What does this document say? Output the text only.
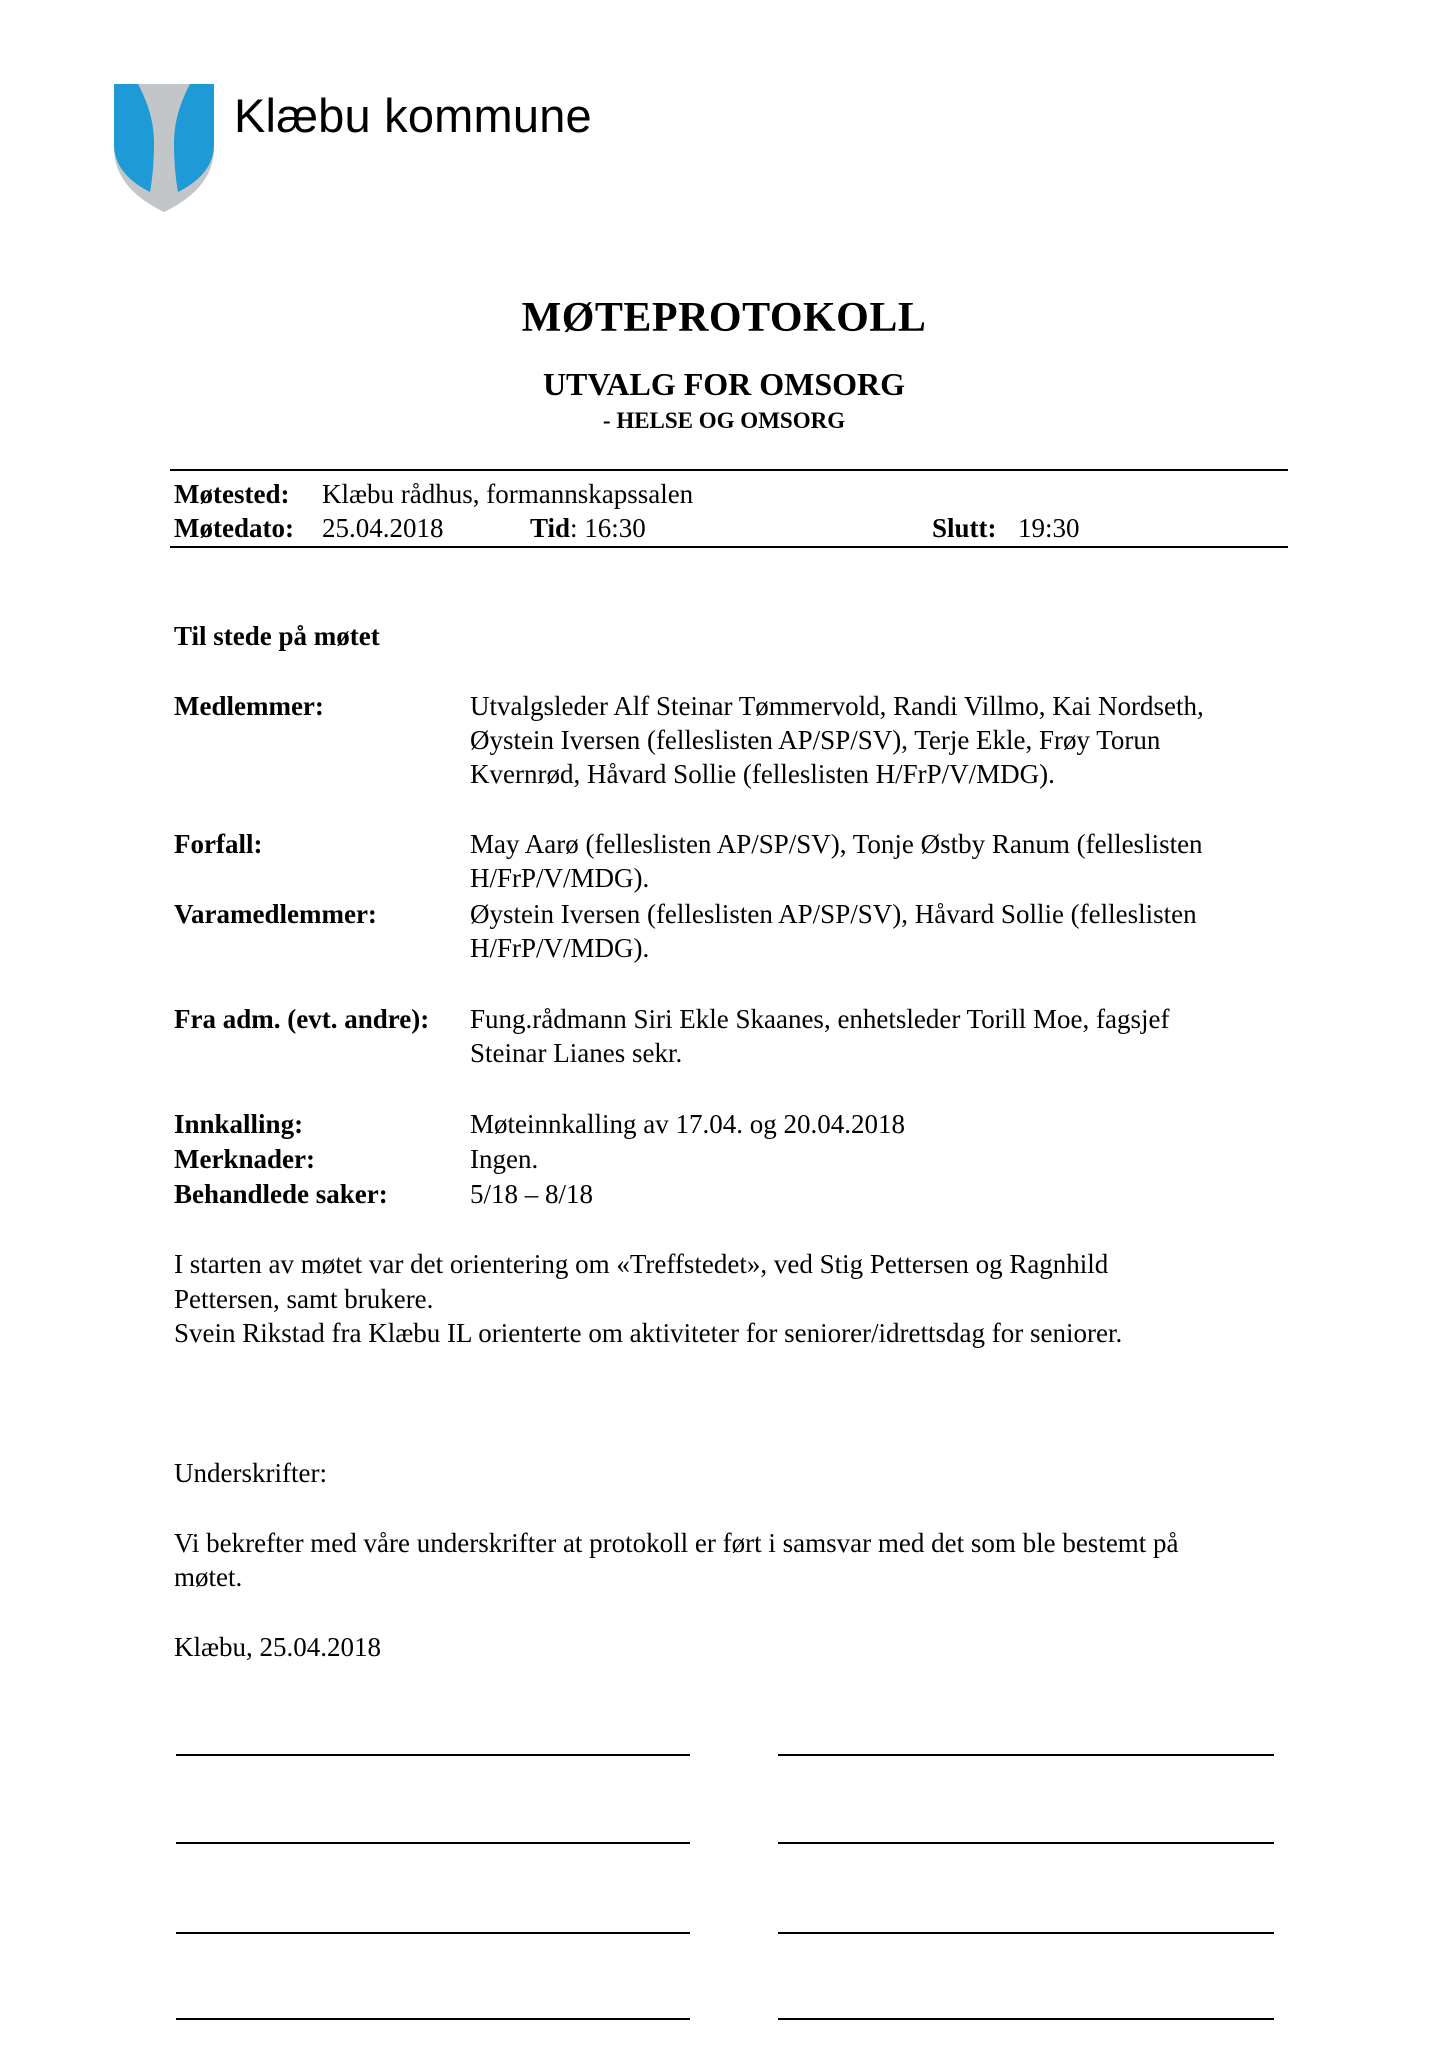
Klæbu kommune
MØTEPROTOKOLL
UTVALG FOR OMSORG
- HELSE OG OMSORG
Møtested: Klæbu rådhus, formannskapssalen
Møtedato: 25.04.2018	Tid: 16:30	Slutt: 19:30
Til stede på møtet
Medlemmer:	Utvalgsleder Alf Steinar Tømmervold, Randi Villmo, Kai Nordseth,
Øystein Iversen (felleslisten AP/SP/SV), Terje Ekle, Frøy Torun
Kvernrød, Håvard Sollie (felleslisten H/FrP/V/MDG).
Forfall:	May Aarø (felleslisten AP/SP/SV), Tonje Østby Ranum (felleslisten
H/FrP/V/MDG).
Varamedlemmer:	Øystein Iversen (felleslisten AP/SP/SV), Håvard Sollie (felleslisten
H/FrP/V/MDG).
Fra adm. (evt. andre): Fung.rådmann Siri Ekle Skaanes, enhetsleder Torill Moe, fagsjef
Steinar Lianes sekr.
Innkalling:	Møteinnkalling av 17.04. og 20.04.2018
Merknader:	Ingen.
Behandlede saker:	5/18 – 8/18
I starten av møtet var det orientering om «Treffstedet», ved Stig Pettersen og Ragnhild
Pettersen, samt brukere.
Svein Rikstad fra Klæbu IL orienterte om aktiviteter for seniorer/idrettsdag for seniorer.
Underskrifter:
Vi bekrefter med våre underskrifter at protokoll er ført i samsvar med det som ble bestemt på
møtet.
Klæbu, 25.04.2018
